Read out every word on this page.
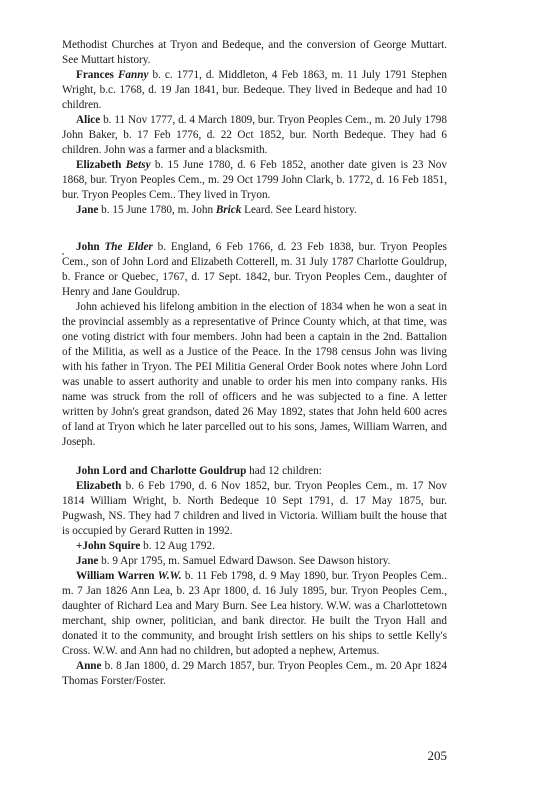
Methodist Churches at Tryon and Bedeque, and the conversion of George Muttart. See Muttart history.

Frances Fanny b. c. 1771, d. Middleton, 4 Feb 1863, m. 11 July 1791 Stephen Wright, b.c. 1768, d. 19 Jan 1841, bur. Bedeque. They lived in Bedeque and had 10 children.

Alice b. 11 Nov 1777, d. 4 March 1809, bur. Tryon Peoples Cem., m. 20 July 1798 John Baker, b. 17 Feb 1776, d. 22 Oct 1852, bur. North Bedeque. They had 6 children. John was a farmer and a blacksmith.

Elizabeth Betsy b. 15 June 1780, d. 6 Feb 1852, another date given is 23 Nov 1868, bur. Tryon Peoples Cem., m. 29 Oct 1799 John Clark, b. 1772, d. 16 Feb 1851, bur. Tryon Peoples Cem.. They lived in Tryon.

Jane b. 15 June 1780, m. John Brick Leard. See Leard history.

John The Elder b. England, 6 Feb 1766, d. 23 Feb 1838, bur. Tryon Peoples Cem., son of John Lord and Elizabeth Cotterell, m. 31 July 1787 Charlotte Gouldrup, b. France or Quebec, 1767, d. 17 Sept. 1842, bur. Tryon Peoples Cem., daughter of Henry and Jane Gouldrup.

John achieved his lifelong ambition in the election of 1834 when he won a seat in the provincial assembly as a representative of Prince County which, at that time, was one voting district with four members. John had been a captain in the 2nd. Battalion of the Militia, as well as a Justice of the Peace. In the 1798 census John was living with his father in Tryon. The PEI Militia General Order Book notes where John Lord was unable to assert authority and unable to order his men into company ranks. His name was struck from the roll of officers and he was subjected to a fine. A letter written by John's great grandson, dated 26 May 1892, states that John held 600 acres of land at Tryon which he later parcelled out to his sons, James, William Warren, and Joseph.

John Lord and Charlotte Gouldrup had 12 children:

Elizabeth b. 6 Feb 1790, d. 6 Nov 1852, bur. Tryon Peoples Cem., m. 17 Nov 1814 William Wright, b. North Bedeque 10 Sept 1791, d. 17 May 1875, bur. Pugwash, NS. They had 7 children and lived in Victoria. William built the house that is occupied by Gerard Rutten in 1992.

+John Squire b. 12 Aug 1792.

Jane b. 9 Apr 1795, m. Samuel Edward Dawson. See Dawson history.

William Warren W.W. b. 11 Feb 1798, d. 9 May 1890, bur. Tryon Peoples Cem.. m. 7 Jan 1826 Ann Lea, b. 23 Apr 1800, d. 16 July 1895, bur. Tryon Peoples Cem., daughter of Richard Lea and Mary Burn. See Lea history. W.W. was a Charlottetown merchant, ship owner, politician, and bank director. He built the Tryon Hall and donated it to the community, and brought Irish settlers on his ships to settle Kelly's Cross. W.W. and Ann had no children, but adopted a nephew, Artemus.

Anne b. 8 Jan 1800, d. 29 March 1857, bur. Tryon Peoples Cem., m. 20 Apr 1824 Thomas Forster/Foster.

205
